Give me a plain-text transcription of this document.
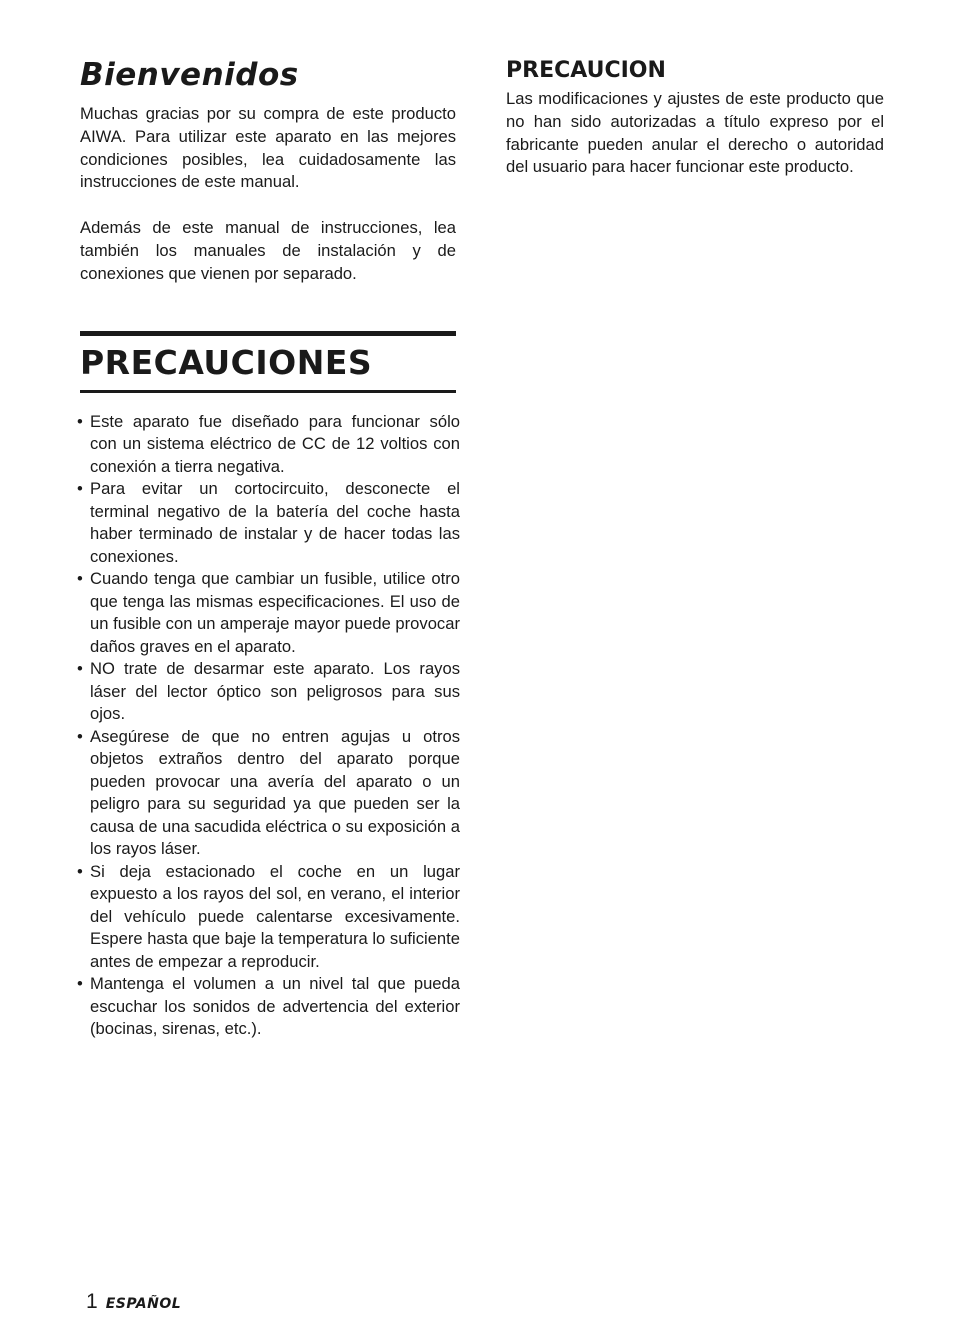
Bienvenidos

Muchas gracias por su compra de este producto AIWA. Para utilizar este aparato en las mejores condiciones posibles, lea cuidadosamente las instrucciones de este manual.

Además de este manual de instrucciones, lea también los manuales de instalación y de conexiones que vienen por separado.

PRECAUCIONES
• Este aparato fue diseñado para funcionar sólo con un sistema eléctrico de CC de 12 voltios con conexión a tierra negativa.
• Para evitar un cortocircuito, desconecte el terminal negativo de la batería del coche hasta haber terminado de instalar y de hacer todas las conexiones.
• Cuando tenga que cambiar un fusible, utilice otro que tenga las mismas especificaciones. El uso de un fusible con un amperaje mayor puede provocar daños graves en el aparato.
• NO trate de desarmar este aparato. Los rayos láser del lector óptico son peligrosos para sus ojos.
• Asegúrese de que no entren agujas u otros objetos extraños dentro del aparato porque pueden provocar una avería del aparato o un peligro para su seguridad ya que pueden ser la causa de una sacudida eléctrica o su exposición a los rayos láser.
• Si deja estacionado el coche en un lugar expuesto a los rayos del sol, en verano, el interior del vehículo puede calentarse excesivamente. Espere hasta que baje la temperatura lo suficiente antes de empezar a reproducir.
• Mantenga el volumen a un nivel tal que pueda escuchar los sonidos de advertencia del exterior (bocinas, sirenas, etc.).
PRECAUCION

Las modificaciones y ajustes de este producto que no han sido autorizadas a título expreso por el fabricante pueden anular el derecho o autoridad del usuario para hacer funcionar este producto.

1 ESPAÑOL
